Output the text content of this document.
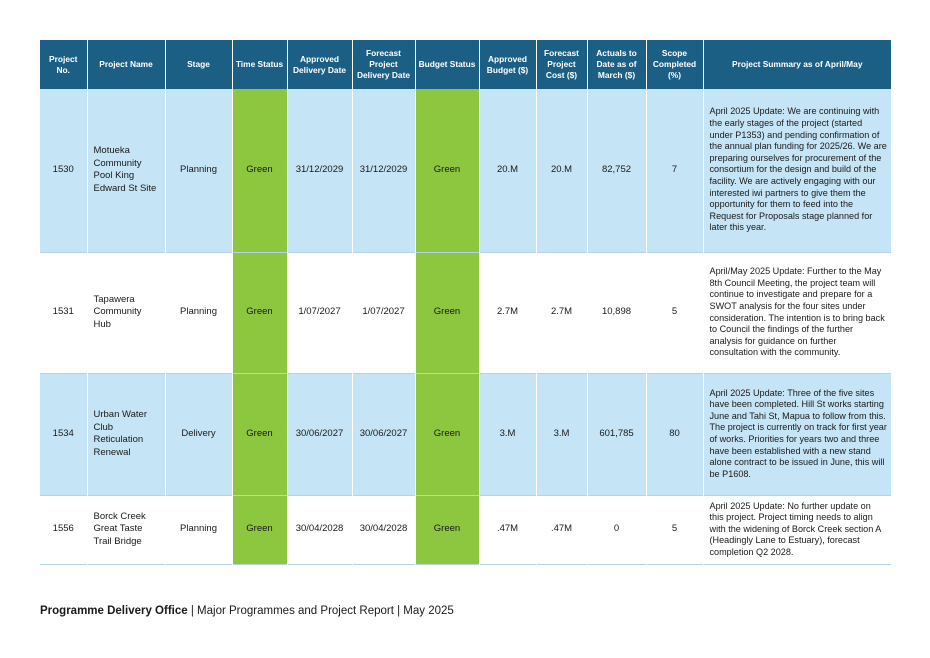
Project No.	Project Name	Stage	Time Status	Approved Delivery Date	Forecast Project Delivery Date	Budget Status	Approved Budget ($)	Forecast Project Cost ($)	Actuals to Date as of March ($)	Scope Completed (%)	Project Summary as of April/May
1530	Motueka Community Pool King Edward St Site	Planning	Green	31/12/2029	31/12/2029	Green	20.M	20.M	82,752	7	April 2025 Update: We are continuing with the early stages of the project (started under P1353) and pending confirmation of the annual plan funding for 2025/26. We are preparing ourselves for procurement of the consortium for the design and build of the facility. We are actively engaging with our interested iwi partners to give them the opportunity for them to feed into the Request for Proposals stage planned for later this year.
1531	Tapawera Community Hub	Planning	Green	1/07/2027	1/07/2027	Green	2.7M	2.7M	10,898	5	April/May 2025 Update: Further to the May 8th Council Meeting, the project team will continue to investigate and prepare for a SWOT analysis for the four sites under consideration. The intention is to bring back to Council the findings of the further analysis for guidance on further consultation with the community.
1534	Urban Water Club Reticulation Renewal	Delivery	Green	30/06/2027	30/06/2027	Green	3.M	3.M	601,785	80	April 2025 Update: Three of the five sites have been completed. Hill St works starting June and Tahi St, Mapua to follow from this. The project is currently on track for first year of works. Priorities for years two and three have been established with a new stand alone contract to be issued in June, this will be P1608.
1556	Borck Creek Great Taste Trail Bridge	Planning	Green	30/04/2028	30/04/2028	Green	.47M	.47M	0	5	April 2025 Update: No further update on this project. Project timing needs to align with the widening of Borck Creek section A (Headingly Lane to Estuary), forecast completion Q2 2028.
Programme Delivery Office | Major Programmes and Project Report | May 2025
